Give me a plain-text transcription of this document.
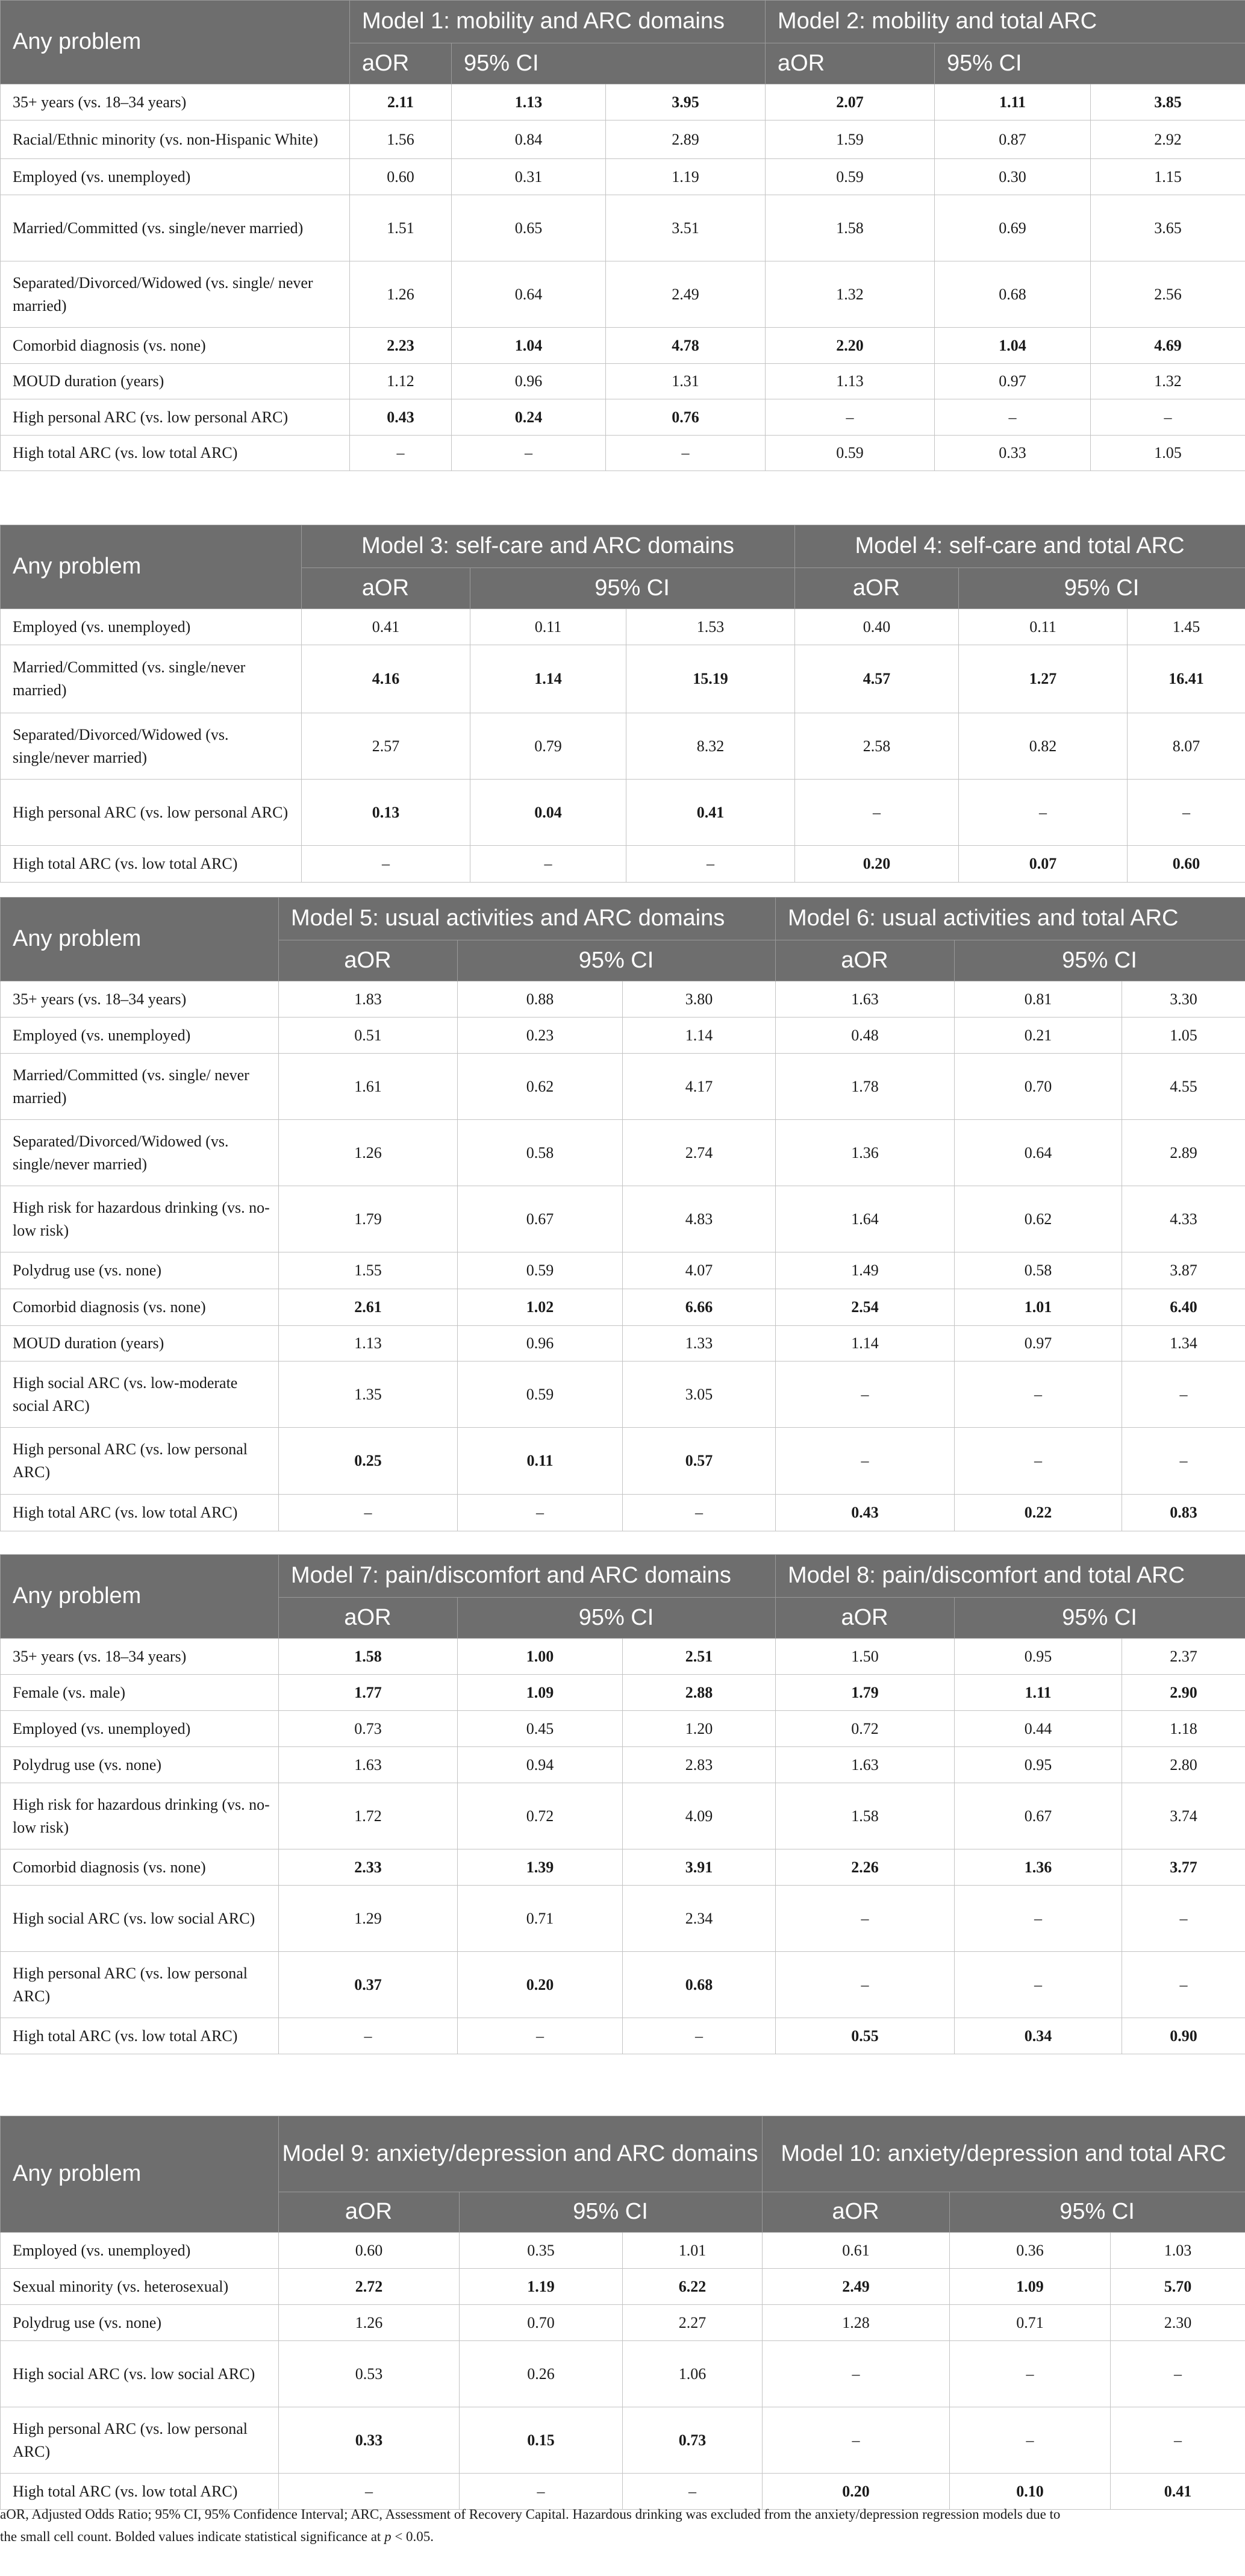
Any problem	Model 1: mobility and ARC domains			Model 2: mobility and total ARC		
	aOR	95% CI		aOR	95% CI	
35+ years (vs. 18–34 years)	2.11	1.13	3.95	2.07	1.11	3.85
Racial/Ethnic minority (vs. non-Hispanic White)	1.56	0.84	2.89	1.59	0.87	2.92
Employed (vs. unemployed)	0.60	0.31	1.19	0.59	0.30	1.15
Married/Committed (vs. single/never married)	1.51	0.65	3.51	1.58	0.69	3.65
Separated/Divorced/Widowed (vs. single/ never married)	1.26	0.64	2.49	1.32	0.68	2.56
Comorbid diagnosis (vs. none)	2.23	1.04	4.78	2.20	1.04	4.69
MOUD duration (years)	1.12	0.96	1.31	1.13	0.97	1.32
High personal ARC (vs. low personal ARC)	0.43	0.24	0.76	–	–	–
High total ARC (vs. low total ARC)	–	–	–	0.59	0.33	1.05
Any problem	Model 3: self-care and ARC domains			Model 4: self-care and total ARC		
	aOR	95% CI		aOR	95% CI	
Employed (vs. unemployed)	0.41	0.11	1.53	0.40	0.11	1.45
Married/Committed (vs. single/never married)	4.16	1.14	15.19	4.57	1.27	16.41
Separated/Divorced/Widowed (vs. single/never married)	2.57	0.79	8.32	2.58	0.82	8.07
High personal ARC (vs. low personal ARC)	0.13	0.04	0.41	–	–	–
High total ARC (vs. low total ARC)	–	–	–	0.20	0.07	0.60
Any problem	Model 5: usual activities and ARC domains			Model 6: usual activities and total ARC		
	aOR	95% CI		aOR	95% CI	
35+ years (vs. 18–34 years)	1.83	0.88	3.80	1.63	0.81	3.30
Employed (vs. unemployed)	0.51	0.23	1.14	0.48	0.21	1.05
Married/Committed (vs. single/ never married)	1.61	0.62	4.17	1.78	0.70	4.55
Separated/Divorced/Widowed (vs. single/never married)	1.26	0.58	2.74	1.36	0.64	2.89
High risk for hazardous drinking (vs. no-low risk)	1.79	0.67	4.83	1.64	0.62	4.33
Polydrug use (vs. none)	1.55	0.59	4.07	1.49	0.58	3.87
Comorbid diagnosis (vs. none)	2.61	1.02	6.66	2.54	1.01	6.40
MOUD duration (years)	1.13	0.96	1.33	1.14	0.97	1.34
High social ARC (vs. low-moderate social ARC)	1.35	0.59	3.05	–	–	–
High personal ARC (vs. low personal ARC)	0.25	0.11	0.57	–	–	–
High total ARC (vs. low total ARC)	–	–	–	0.43	0.22	0.83
Any problem	Model 7: pain/discomfort and ARC domains			Model 8: pain/discomfort and total ARC		
	aOR	95% CI		aOR	95% CI	
35+ years (vs. 18–34 years)	1.58	1.00	2.51	1.50	0.95	2.37
Female (vs. male)	1.77	1.09	2.88	1.79	1.11	2.90
Employed (vs. unemployed)	0.73	0.45	1.20	0.72	0.44	1.18
Polydrug use (vs. none)	1.63	0.94	2.83	1.63	0.95	2.80
High risk for hazardous drinking (vs. no-low risk)	1.72	0.72	4.09	1.58	0.67	3.74
Comorbid diagnosis (vs. none)	2.33	1.39	3.91	2.26	1.36	3.77
High social ARC (vs. low social ARC)	1.29	0.71	2.34	–	–	–
High personal ARC (vs. low personal ARC)	0.37	0.20	0.68	–	–	–
High total ARC (vs. low total ARC)	–	–	–	0.55	0.34	0.90
Any problem	Model 9: anxiety/depression and ARC domains			Model 10: anxiety/depression and total ARC		
	aOR	95% CI		aOR	95% CI	
Employed (vs. unemployed)	0.60	0.35	1.01	0.61	0.36	1.03
Sexual minority (vs. heterosexual)	2.72	1.19	6.22	2.49	1.09	5.70
Polydrug use (vs. none)	1.26	0.70	2.27	1.28	0.71	2.30
High social ARC (vs. low social ARC)	0.53	0.26	1.06	–	–	–
High personal ARC (vs. low personal ARC)	0.33	0.15	0.73	–	–	–
High total ARC (vs. low total ARC)	–	–	–	0.20	0.10	0.41
aOR, Adjusted Odds Ratio; 95% CI, 95% Confidence Interval; ARC, Assessment of Recovery Capital. Hazardous drinking was excluded from the anxiety/depression regression models due to
the small cell count. Bolded values indicate statistical significance at p < 0.05.
